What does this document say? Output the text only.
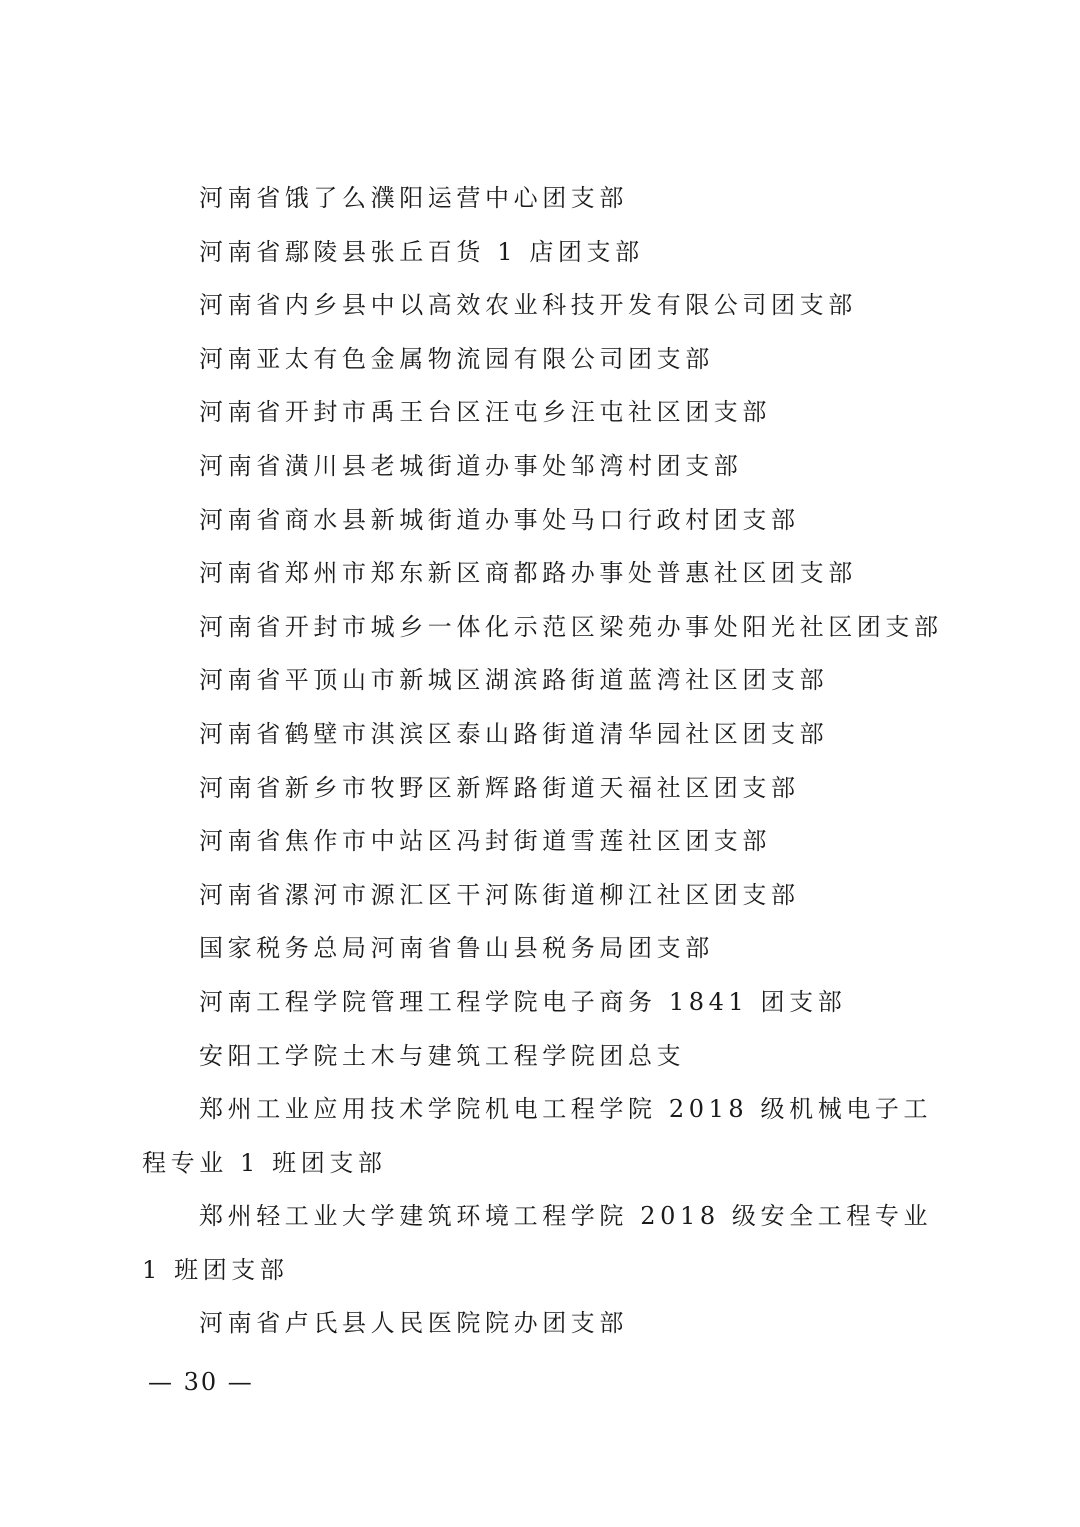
河南省饿了么濮阳运营中心团支部

河南省鄢陵县张丘百货 1 店团支部

河南省内乡县中以高效农业科技开发有限公司团支部

河南亚太有色金属物流园有限公司团支部

河南省开封市禹王台区汪屯乡汪屯社区团支部

河南省潢川县老城街道办事处邹湾村团支部

河南省商水县新城街道办事处马口行政村团支部

河南省郑州市郑东新区商都路办事处普惠社区团支部

河南省开封市城乡一体化示范区梁苑办事处阳光社区团支部

河南省平顶山市新城区湖滨路街道蓝湾社区团支部

河南省鹤壁市淇滨区泰山路街道清华园社区团支部

河南省新乡市牧野区新辉路街道天福社区团支部

河南省焦作市中站区冯封街道雪莲社区团支部

河南省漯河市源汇区干河陈街道柳江社区团支部

国家税务总局河南省鲁山县税务局团支部

河南工程学院管理工程学院电子商务 1841 团支部

安阳工学院土木与建筑工程学院团总支

郑州工业应用技术学院机电工程学院 2018 级机械电子工程专业 1 班团支部

郑州轻工业大学建筑环境工程学院 2018 级安全工程专业 1 班团支部

河南省卢氏县人民医院院办团支部

— 30 —
